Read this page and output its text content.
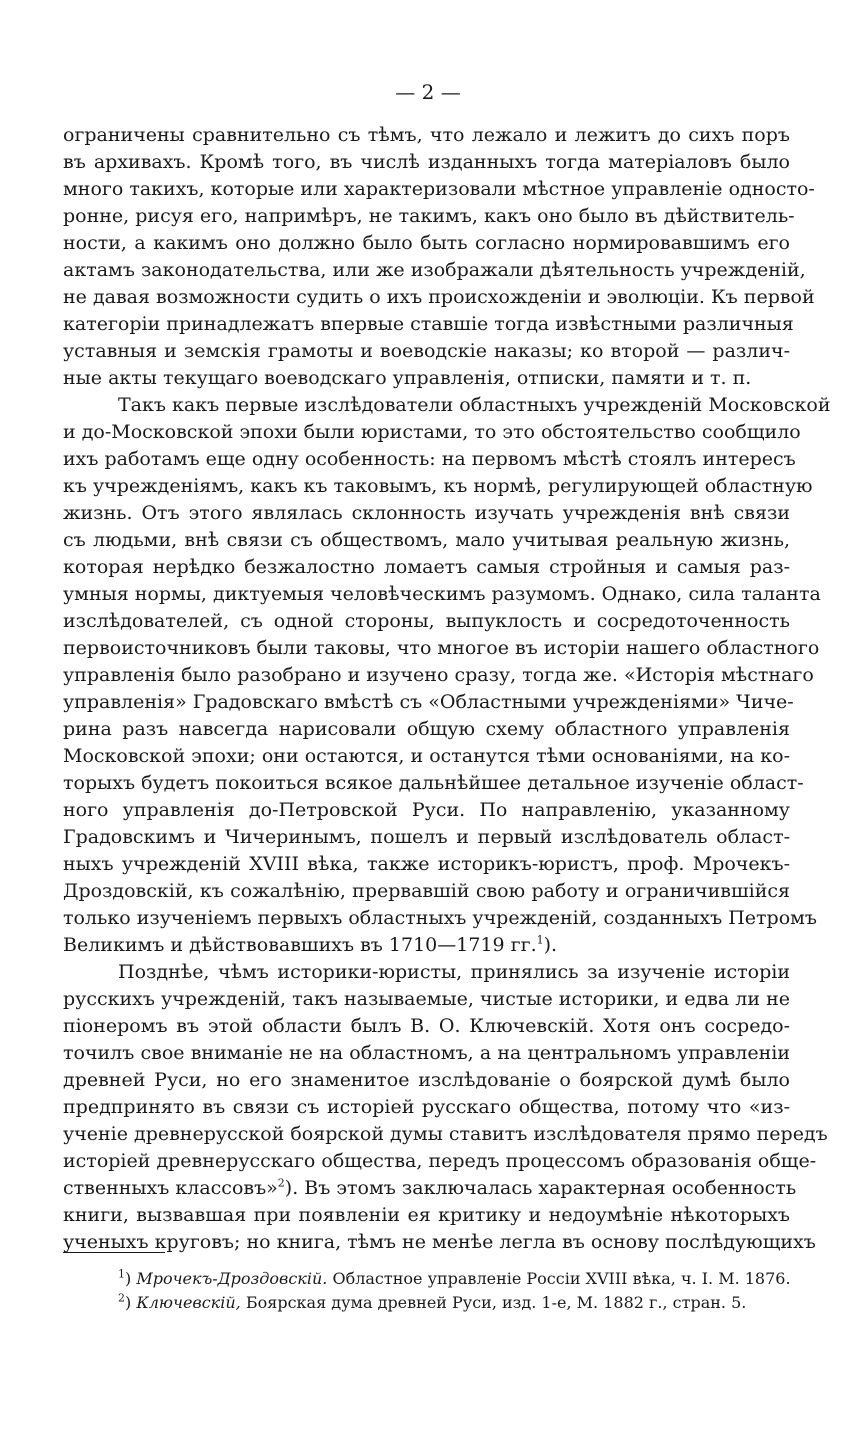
— 2 —
ограничены сравнительно съ тѣмъ, что лежало и лежитъ до сихъ поръ
въ архивахъ. Кромѣ того, въ числѣ изданныхъ тогда матеріаловъ было
много такихъ, которые или характеризовали мѣстное управленіе односто-
ронне, рисуя его, напримѣръ, не такимъ, какъ оно было въ дѣйствитель-
ности, а какимъ оно должно было быть согласно нормировавшимъ его
актамъ законодательства, или же изображали дѣятельность учрежденій,
не давая возможности судить о ихъ происхожденіи и эволюціи. Къ первой
категоріи принадлежатъ впервые ставшіе тогда извѣстными различныя
уставныя и земскія грамоты и воеводскіе наказы; ко второй — различ-
ные акты текущаго воеводскаго управленія, отписки, памяти и т. п.
Такъ какъ первые изслѣдователи областныхъ учрежденій Московской
и до-Московской эпохи были юристами, то это обстоятельство сообщило
ихъ работамъ еще одну особенность: на первомъ мѣстѣ стоялъ интересъ
къ учрежденіямъ, какъ къ таковымъ, къ нормѣ, регулирующей областную
жизнь. Отъ этого являлась склонность изучать учрежденія внѣ связи
съ людьми, внѣ связи съ обществомъ, мало учитывая реальную жизнь,
которая нерѣдко безжалостно ломаетъ самыя стройныя и самыя раз-
умныя нормы, диктуемыя человѣческимъ разумомъ. Однако, сила таланта
изслѣдователей, съ одной стороны, выпуклость и сосредоточенность
первоисточниковъ были таковы, что многое въ исторіи нашего областного
управленія было разобрано и изучено сразу, тогда же. «Исторія мѣстнаго
управленія» Градовскаго вмѣстѣ съ «Областными учрежденіями» Чиче-
рина разъ навсегда нарисовали общую схему областного управленія
Московской эпохи; они остаются, и останутся тѣми основаніями, на ко-
торыхъ будетъ покоиться всякое дальнѣйшее детальное изученіе област-
ного управленія до-Петровской Руси. По направленію, указанному
Градовскимъ и Чичеринымъ, пошелъ и первый изслѣдователь област-
ныхъ учрежденій XVIII вѣка, также историкъ-юристъ, проф. Мрочекъ-
Дроздовскій, къ сожалѣнію, прервавшій свою работу и ограничившійся
только изученіемъ первыхъ областныхъ учрежденій, созданныхъ Петромъ
Великимъ и дѣйствовавшихъ въ 1710—1719 гг.$^1$).
Позднѣе, чѣмъ историки-юристы, принялись за изученіе исторіи
русскихъ учрежденій, такъ называемые, чистые историки, и едва ли не
піонеромъ въ этой области былъ В. О. Ключевскій. Хотя онъ сосредо-
точилъ свое вниманіе не на областномъ, а на центральномъ управленіи
древней Руси, но его знаменитое изслѣдованіе о боярской думѣ было
предпринято въ связи съ исторіей русскаго общества, потому что «из-
ученіе древнерусской боярской думы ставитъ изслѣдователя прямо передъ
исторіей древнерусскаго общества, передъ процессомъ образованія обще-
ственныхъ классовъ»$^2$). Въ этомъ заключалась характерная особенность
книги, вызвавшая при появленіи ея критику и недоумѣніе нѣкоторыхъ
ученыхъ круговъ; но книга, тѣмъ не менѣе легла въ основу послѣдующихъ
$^1$) Мрочекъ-Дроздовскій. Областное управленіе Россіи XVIII вѣка, ч. I. М. 1876.
$^2$) Ключевскій, Боярская дума древней Руси, изд. 1-е, М. 1882 г., стран. 5.
